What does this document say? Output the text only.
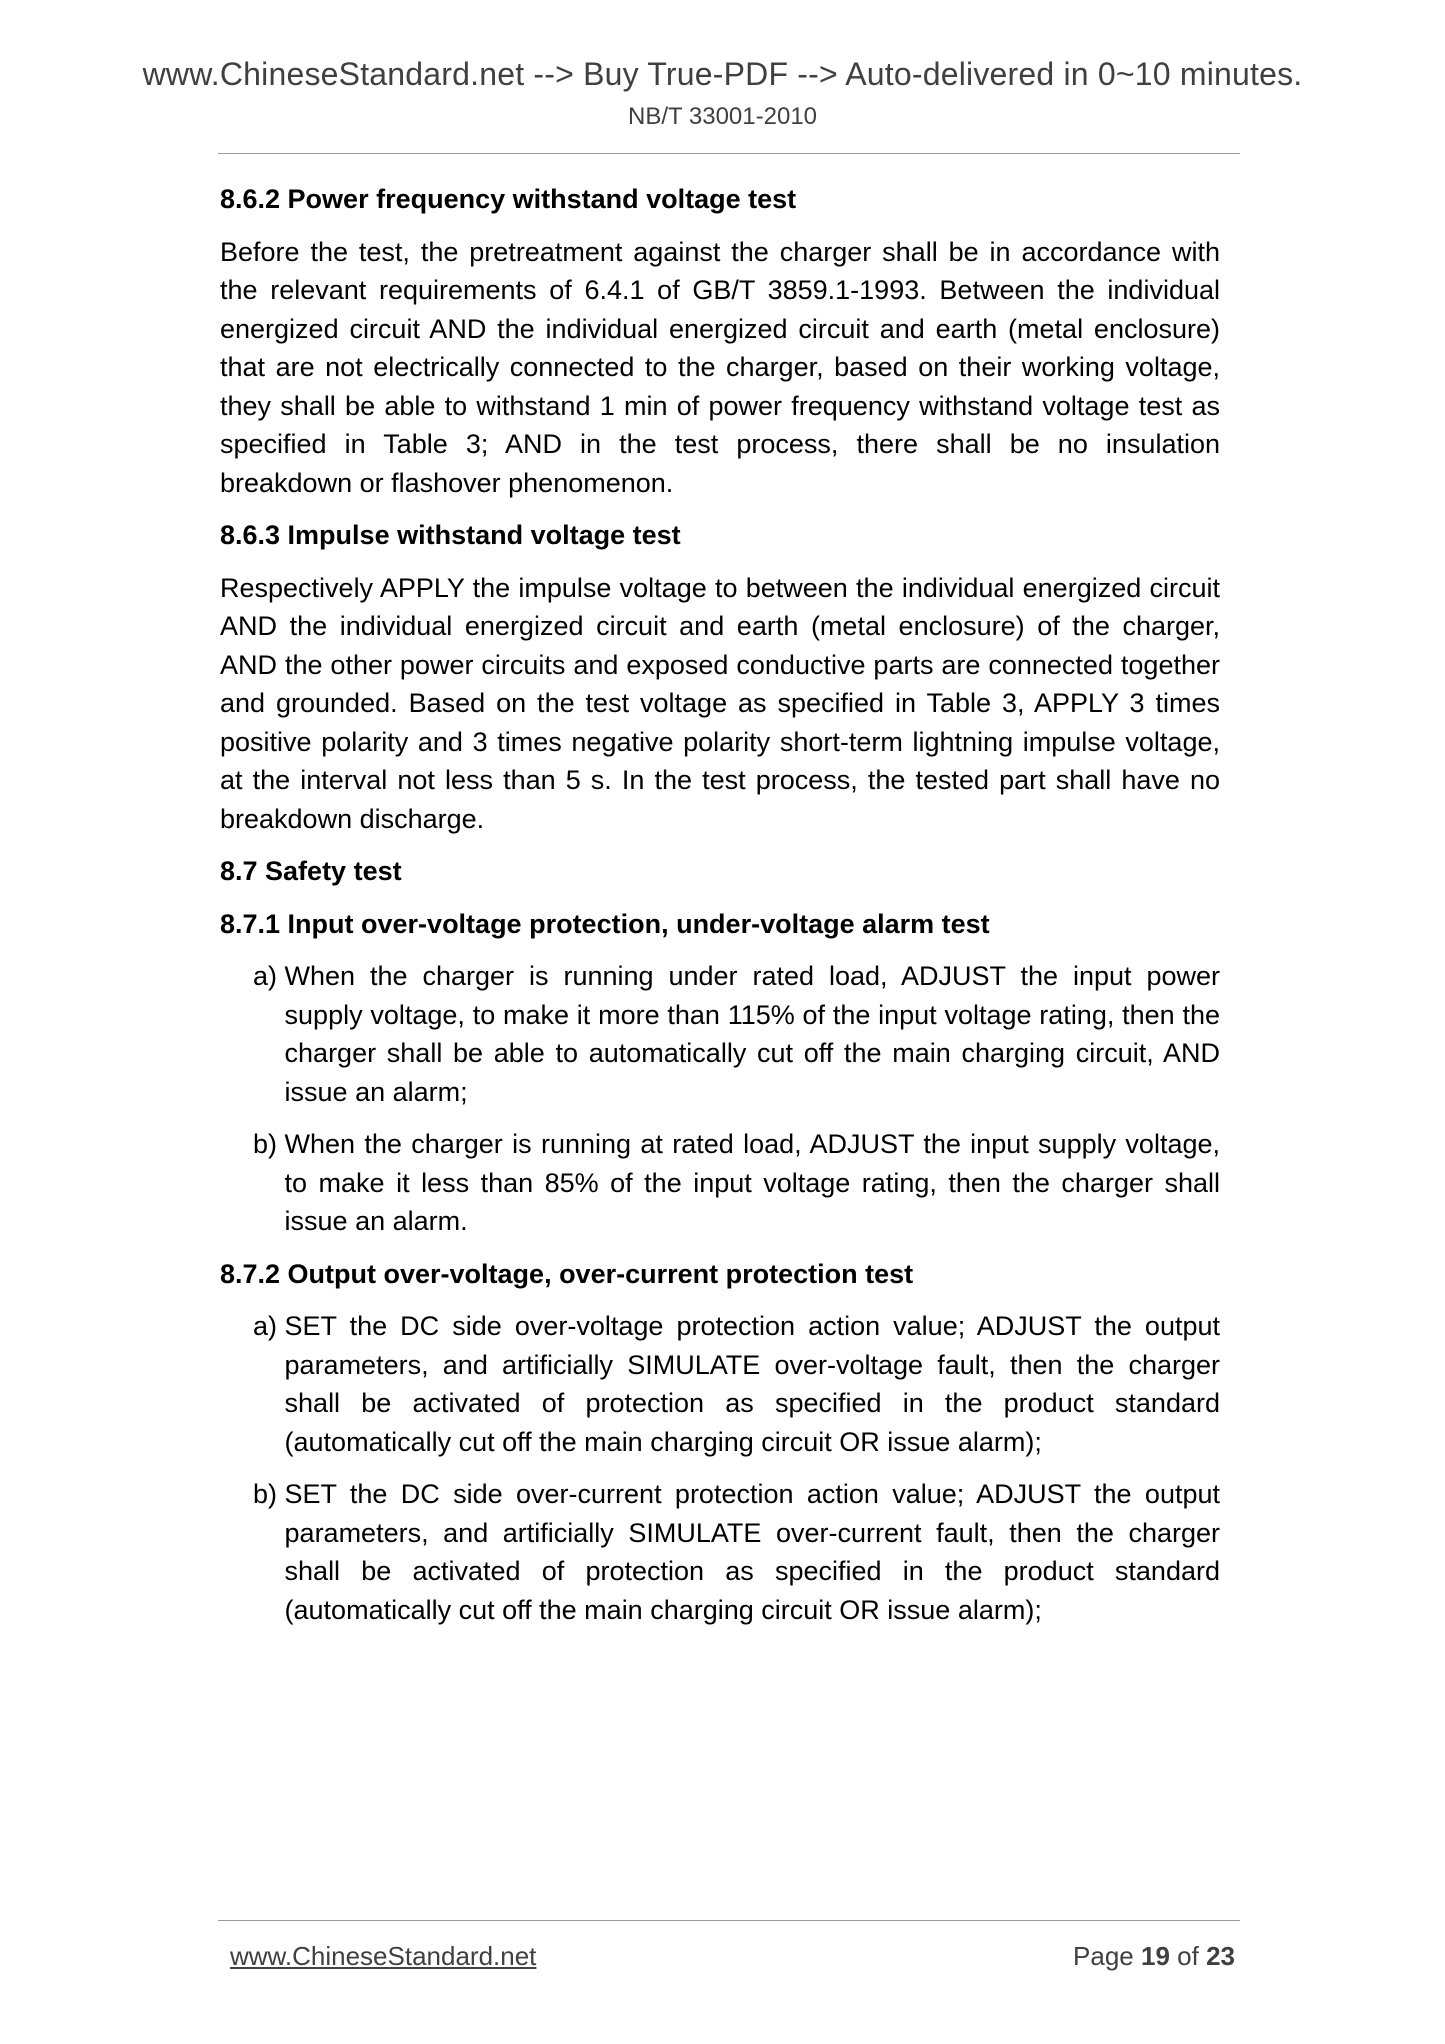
www.ChineseStandard.net --> Buy True-PDF --> Auto-delivered in 0~10 minutes.
NB/T 33001-2010
8.6.2 Power frequency withstand voltage test
Before the test, the pretreatment against the charger shall be in accordance with the relevant requirements of 6.4.1 of GB/T 3859.1-1993. Between the individual energized circuit AND the individual energized circuit and earth (metal enclosure) that are not electrically connected to the charger, based on their working voltage, they shall be able to withstand 1 min of power frequency withstand voltage test as specified in Table 3; AND in the test process, there shall be no insulation breakdown or flashover phenomenon.
8.6.3 Impulse withstand voltage test
Respectively APPLY the impulse voltage to between the individual energized circuit AND the individual energized circuit and earth (metal enclosure) of the charger, AND the other power circuits and exposed conductive parts are connected together and grounded. Based on the test voltage as specified in Table 3, APPLY 3 times positive polarity and 3 times negative polarity short-term lightning impulse voltage, at the interval not less than 5 s. In the test process, the tested part shall have no breakdown discharge.
8.7 Safety test
8.7.1 Input over-voltage protection, under-voltage alarm test
a)
When the charger is running under rated load, ADJUST the input power supply voltage, to make it more than 115% of the input voltage rating, then the charger shall be able to automatically cut off the main charging circuit, AND issue an alarm;
b)
When the charger is running at rated load, ADJUST the input supply voltage, to make it less than 85% of the input voltage rating, then the charger shall issue an alarm.
8.7.2 Output over-voltage, over-current protection test
a)
SET the DC side over-voltage protection action value; ADJUST the output parameters, and artificially SIMULATE over-voltage fault, then the charger shall be activated of protection as specified in the product standard (automatically cut off the main charging circuit OR issue alarm);
b)
SET the DC side over-current protection action value; ADJUST the output parameters, and artificially SIMULATE over-current fault, then the charger shall be activated of protection as specified in the product standard (automatically cut off the main charging circuit OR issue alarm);
www.ChineseStandard.net	Page 19 of 23
